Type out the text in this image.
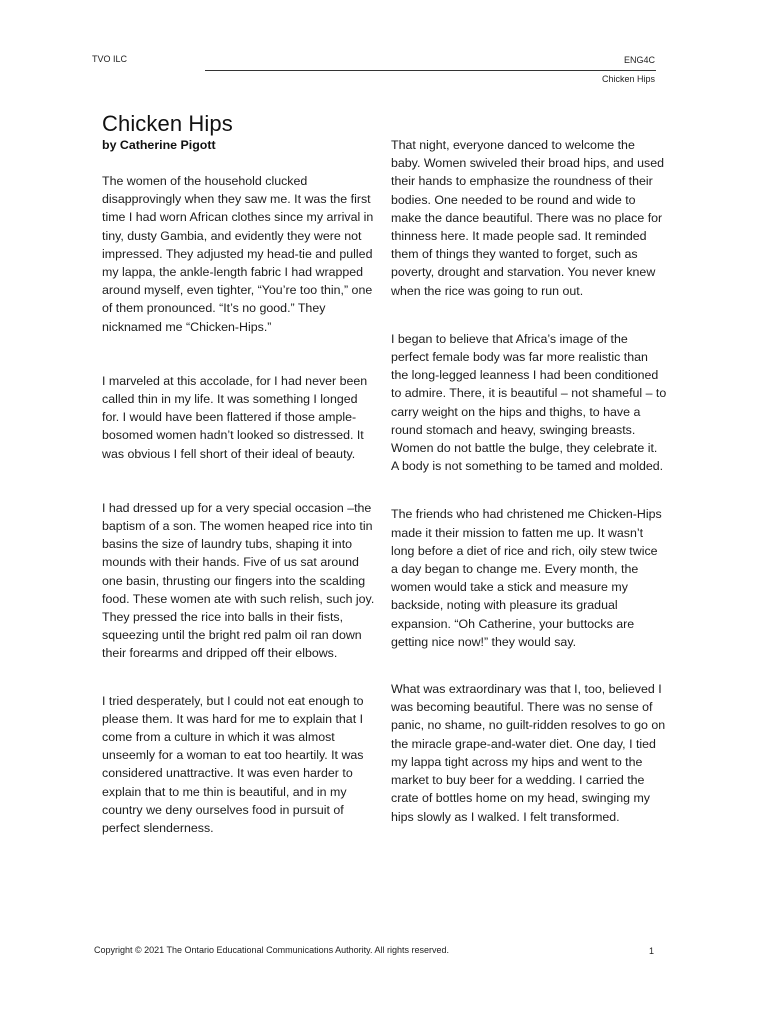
TVO ILC	ENG4C
Chicken Hips
Chicken Hips

by Catherine Pigott

The women of the household clucked disapprovingly when they saw me. It was the first time I had worn African clothes since my arrival in tiny, dusty Gambia, and evidently they were not impressed. They adjusted my head-tie and pulled my lappa, the ankle-length fabric I had wrapped around myself, even tighter, “You’re too thin,” one of them pronounced. “It’s no good.” They nicknamed me “Chicken-Hips.”

I marveled at this accolade, for I had never been called thin in my life. It was something I longed for. I would have been flattered if those ample-bosomed women hadn’t looked so distressed. It was obvious I fell short of their ideal of beauty.

I had dressed up for a very special occasion –the baptism of a son. The women heaped rice into tin basins the size of laundry tubs, shaping it into mounds with their hands. Five of us sat around one basin, thrusting our fingers into the scalding food. These women ate with such relish, such joy. They pressed the rice into balls in their fists, squeezing until the bright red palm oil ran down their forearms and dripped off their elbows.

I tried desperately, but I could not eat enough to please them. It was hard for me to explain that I come from a culture in which it was almost unseemly for a woman to eat too heartily. It was considered unattractive. It was even harder to explain that to me thin is beautiful, and in my country we deny ourselves food in pursuit of perfect slenderness.

That night, everyone danced to welcome the baby. Women swiveled their broad hips, and used their hands to emphasize the roundness of their bodies. One needed to be round and wide to make the dance beautiful. There was no place for thinness here. It made people sad. It reminded them of things they wanted to forget, such as poverty, drought and starvation. You never knew when the rice was going to run out.

I began to believe that Africa’s image of the perfect female body was far more realistic than the long-legged leanness I had been conditioned to admire. There, it is beautiful – not shameful – to carry weight on the hips and thighs, to have a round stomach and heavy, swinging breasts. Women do not battle the bulge, they celebrate it. A body is not something to be tamed and molded.

The friends who had christened me Chicken-Hips made it their mission to fatten me up. It wasn’t long before a diet of rice and rich, oily stew twice a day began to change me. Every month, the women would take a stick and measure my backside, noting with pleasure its gradual expansion. “Oh Catherine, your buttocks are getting nice now!” they would say.

What was extraordinary was that I, too, believed I was becoming beautiful. There was no sense of panic, no shame, no guilt-ridden resolves to go on the miracle grape-and-water diet. One day, I tied my lappa tight across my hips and went to the market to buy beer for a wedding. I carried the crate of bottles home on my head, swinging my hips slowly as I walked. I felt transformed.

Copyright © 2021 The Ontario Educational Communications Authority. All rights reserved.	1
